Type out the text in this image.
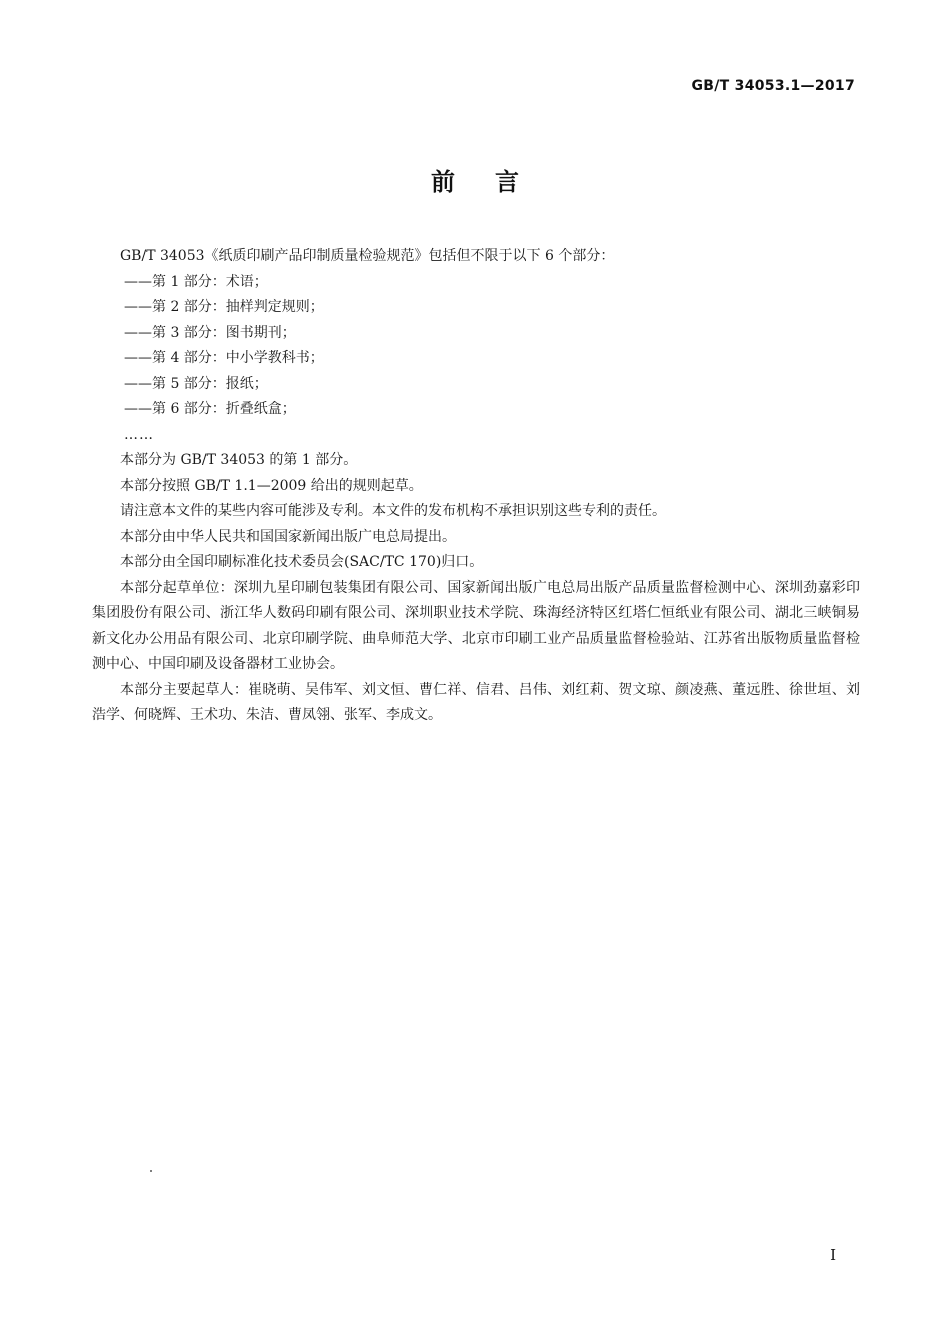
GB/T 34053.1—2017
前言

GB/T 34053《纸质印刷产品印制质量检验规范》包括但不限于以下 6 个部分：

——第 1 部分：术语；

——第 2 部分：抽样判定规则；

——第 3 部分：图书期刊；

——第 4 部分：中小学教科书；

——第 5 部分：报纸；

——第 6 部分：折叠纸盒；

……

本部分为 GB/T 34053 的第 1 部分。

本部分按照 GB/T 1.1—2009 给出的规则起草。

请注意本文件的某些内容可能涉及专利。本文件的发布机构不承担识别这些专利的责任。

本部分由中华人民共和国国家新闻出版广电总局提出。

本部分由全国印刷标准化技术委员会(SAC/TC 170)归口。

本部分起草单位：深圳九星印刷包装集团有限公司、国家新闻出版广电总局出版产品质量监督检测中心、深圳劲嘉彩印集团股份有限公司、浙江华人数码印刷有限公司、深圳职业技术学院、珠海经济特区红塔仁恒纸业有限公司、湖北三峡铜易新文化办公用品有限公司、北京印刷学院、曲阜师范大学、北京市印刷工业产品质量监督检验站、江苏省出版物质量监督检测中心、中国印刷及设备器材工业协会。

本部分主要起草人：崔晓萌、吴伟军、刘文恒、曹仁祥、信君、吕伟、刘红莉、贺文琼、颜凌燕、董远胜、徐世垣、刘浩学、何晓辉、王术功、朱洁、曹凤翎、张军、李成文。

I
